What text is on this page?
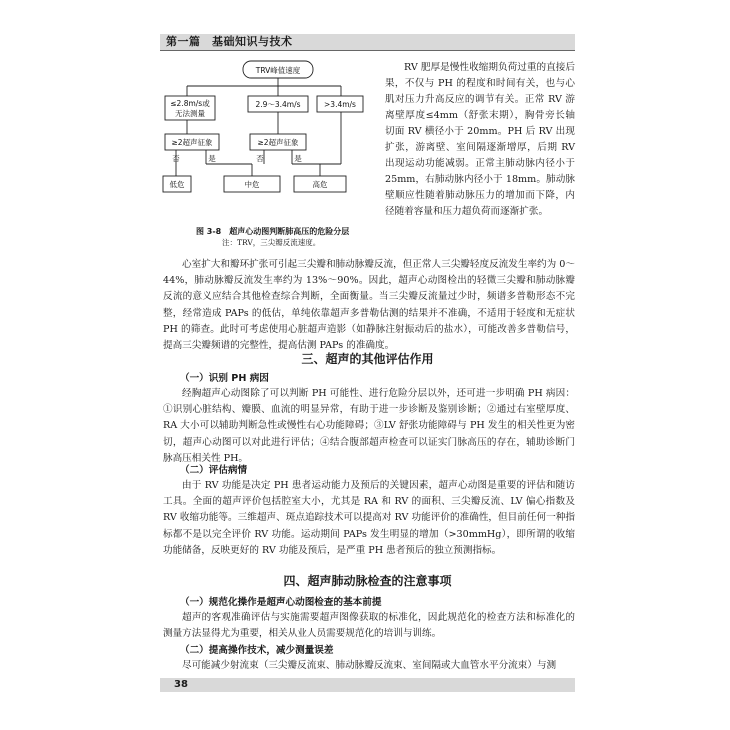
第一篇　基础知识与技术
TRV峰值速度
≤2.8m/s或
无法测量
2.9～3.4m/s	>3.4m/s
≥2超声征象	≥2超声征象
否	是	否	是
低危	中危	高危
图 3-8　超声心动图判断肺高压的危险分层
注：TRV，三尖瓣反流速度。

RV 肥厚是慢性收缩期负荷过重的直接后果，不仅与 PH 的程度和时间有关，也与心肌对压力升高反应的调节有关。正常 RV 游离壁厚度≤4mm（舒张末期），胸骨旁长轴切面 RV 横径小于 20mm。PH 后 RV 出现扩张，游离壁、室间隔逐渐增厚，后期 RV 出现运动功能减弱。正常主肺动脉内径小于 25mm，右肺动脉内径小于 18mm。肺动脉壁顺应性随着肺动脉压力的增加而下降，内径随着容量和压力超负荷而逐渐扩张。

心室扩大和瓣环扩张可引起三尖瓣和肺动脉瓣反流，但正常人三尖瓣轻度反流发生率约为 0～44%，肺动脉瓣反流发生率约为 13%～90%。因此，超声心动图检出的轻微三尖瓣和肺动脉瓣反流的意义应结合其他检查综合判断，全面衡量。当三尖瓣反流量过少时，频谱多普勒形态不完整，经常造成 PAPs 的低估，单纯依靠超声多普勒估测的结果并不准确，不适用于轻度和无症状 PH 的筛查。此时可考虑使用心脏超声造影（如静脉注射振动后的盐水），可能改善多普勒信号，提高三尖瓣频谱的完整性，提高估测 PAPs 的准确度。

三、超声的其他评估作用
（一）识别 PH 病因

经胸超声心动图除了可以判断 PH 可能性、进行危险分层以外，还可进一步明确 PH 病因：①识别心脏结构、瓣膜、血流的明显异常，有助于进一步诊断及鉴别诊断；②通过右室壁厚度、RA 大小可以辅助判断急性或慢性右心功能障碍；③LV 舒张功能障碍与 PH 发生的相关性更为密切，超声心动图可以对此进行评估；④结合腹部超声检查可以证实门脉高压的存在，辅助诊断门脉高压相关性 PH。

（二）评估病情

由于 RV 功能是决定 PH 患者运动能力及预后的关键因素，超声心动图是重要的评估和随访工具。全面的超声评价包括腔室大小，尤其是 RA 和 RV 的面积、三尖瓣反流、LV 偏心指数及 RV 收缩功能等。三维超声、斑点追踪技术可以提高对 RV 功能评价的准确性，但目前任何一种指标都不是以完全评价 RV 功能。运动期间 PAPs 发生明显的增加（>30mmHg），即所谓的收缩功能储备，反映更好的 RV 功能及预后，是严重 PH 患者预后的独立预测指标。

四、超声肺动脉检查的注意事项
（一）规范化操作是超声心动图检查的基本前提

超声的客观准确评估与实施需要超声图像获取的标准化，因此规范化的检查方法和标准化的测量方法显得尤为重要，相关从业人员需要规范化的培训与训练。

（二）提高操作技术，减少测量误差

尽可能减少射流束（三尖瓣反流束、肺动脉瓣反流束、室间隔或大血管水平分流束）与测

38
